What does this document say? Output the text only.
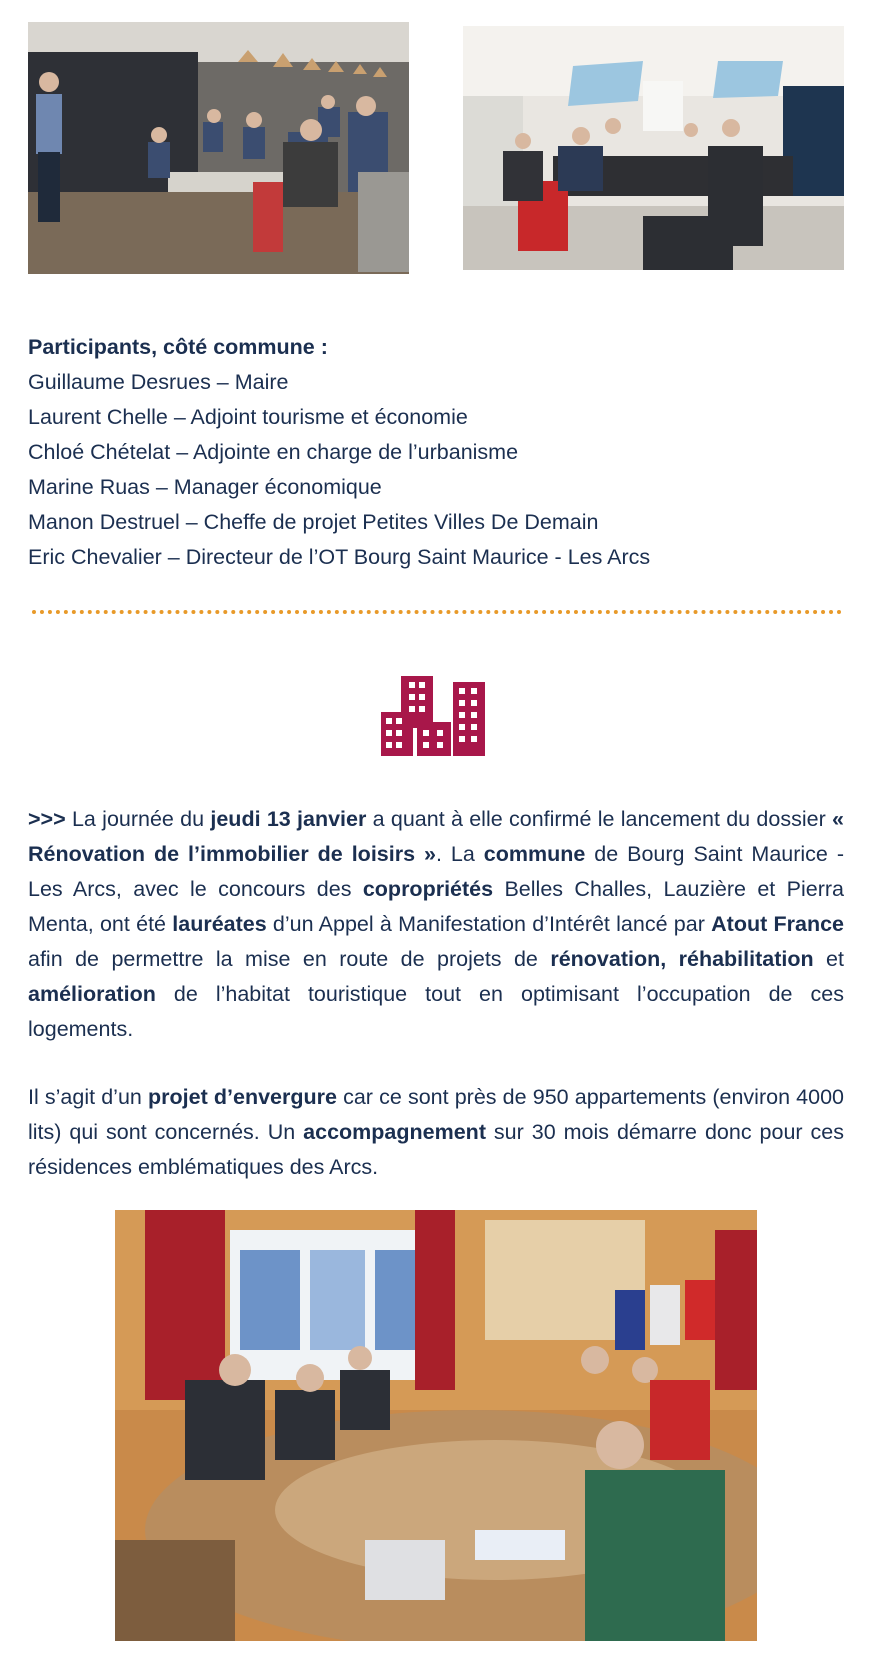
Participants, côté commune :
Guillaume Desrues – Maire
Laurent Chelle – Adjoint tourisme et économie
Chloé Chételat – Adjointe en charge de l’urbanisme
Marine Ruas – Manager économique
Manon Destruel – Cheffe de projet Petites Villes De Demain
Eric Chevalier – Directeur de l’OT Bourg Saint Maurice - Les Arcs
>>> La journée du jeudi 13 janvier a quant à elle confirmé le lancement du dossier « Rénovation de l’immobilier de loisirs ». La commune de Bourg Saint Maurice - Les Arcs, avec le concours des copropriétés Belles Challes, Lauzière et Pierra Menta, ont été lauréates d’un Appel à Manifestation d’Intérêt lancé par Atout France afin de permettre la mise en route de projets de rénovation, réhabilitation et amélioration de l’habitat touristique tout en optimisant l’occupation de ces logements.
Il s’agit d’un projet d’envergure car ce sont près de 950 appartements (environ 4000 lits) qui sont concernés. Un accompagnement sur 30 mois démarre donc pour ces résidences emblématiques des Arcs.
